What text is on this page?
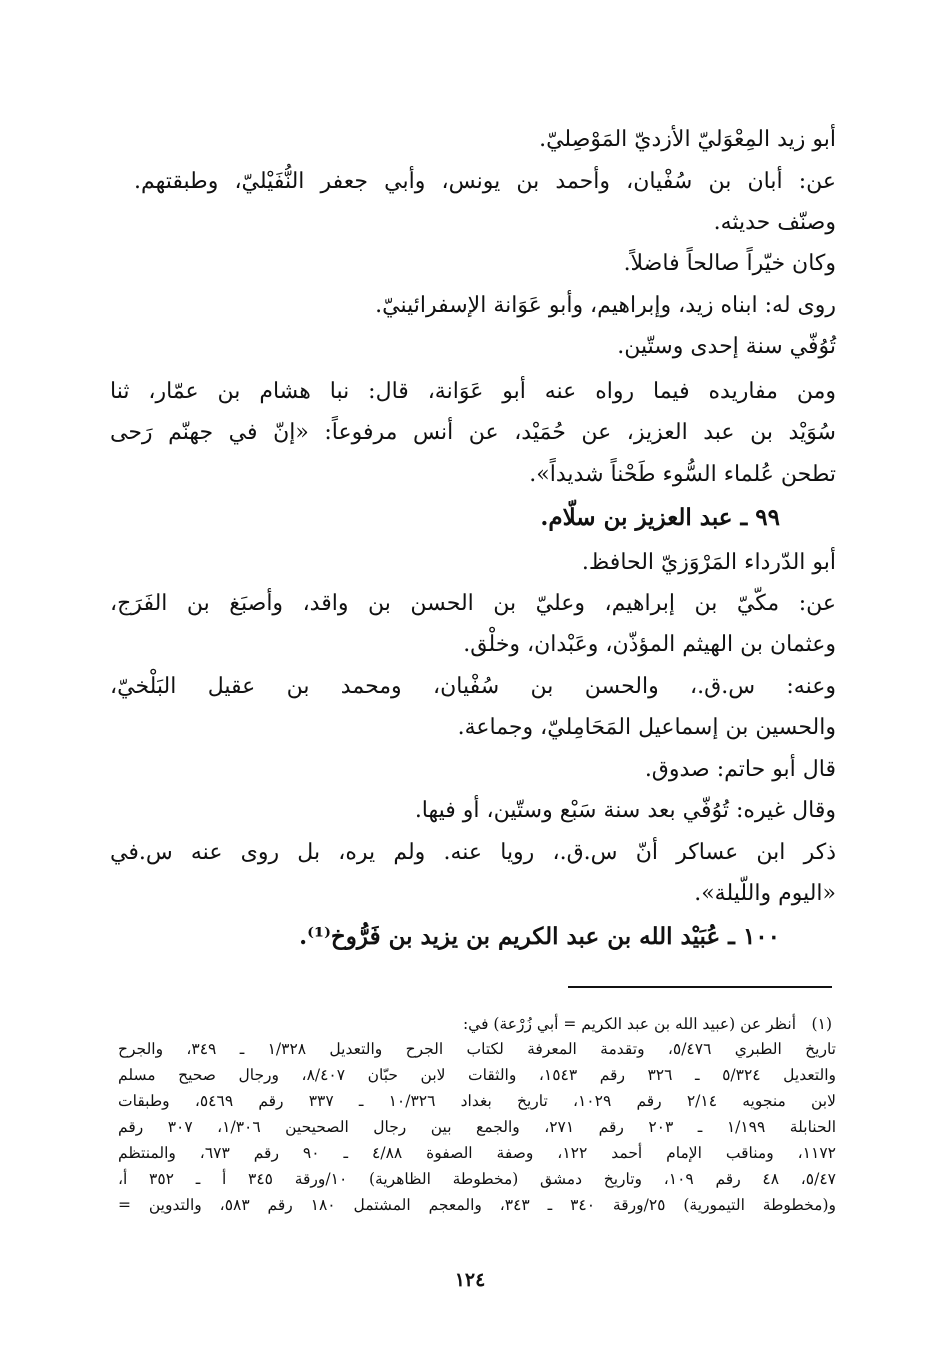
أبو زيد المِعْوَليّ الأزديّ المَوْصِليّ.
عن: أبان بن سُفْيان، وأحمد بن يونس، وأبي جعفر النُّفَيْليّ، وطبقتهم.
وصنّف حديثه.
وكان خيّراً صالحاً فاضلاً.
روى له: ابناه زيد، وإبراهيم، وأبو عَوَانة الإسفرائينيّ.
تُوُفّي سنة إحدى وستّين.
ومن مفاريده فيما رواه عنه أبو عَوَانة، قال: نبا هشام بن عمّار، ثنا
سُوَيْد بن عبد العزيز، عن حُمَيْد، عن أنس مرفوعاً: «إنّ في جهنّم رَحى
تطحن عُلماء السُّوء طَحْناً شديداً».
٩٩ ـ عبد العزيز بن سلّام.
أبو الدّرداء المَرْوَزيّ الحافظ.
عن: مكّيّ بن إبراهيم، وعليّ بن الحسن بن واقد، وأصبَغ بن الفَرَج،
وعثمان بن الهيثم المؤذّن، وعَبْدان، وخلْق.
وعنه: س.ق.، والحسن بن سُفْيان، ومحمد بن عقيل البَلْخيّ،
والحسين بن إسماعيل المَحَامِليّ، وجماعة.
قال أبو حاتم: صدوق.
وقال غيره: تُوُفّي بعد سنة سَبْع وستّين، أو فيها.
ذكر ابن عساكر أنّ س.ق.، رويا عنه. ولم يره، بل روى عنه س.في
«اليوم واللّيلة».
١٠٠ ـ عُبَيْد الله بن عبد الكريم بن يزيد بن فَرُّوخ⁽¹⁾.
(١)
أنظر عن (عبيد الله بن عبد الكريم = أبي زُرْعة) في:
تاريخ الطبري ٥/٤٧٦، وتقدمة المعرفة لكتاب الجرح والتعديل ١/٣٢٨ ـ ٣٤٩، والجرح
والتعديل ٥/٣٢٤ ـ ٣٢٦ رقم ١٥٤٣، والثقات لابن حبّان ٨/٤٠٧، ورجال صحيح مسلم
لابن منجويه ٢/١٤ رقم ١٠٢٩، تاريخ بغداد ١٠/٣٢٦ ـ ٣٣٧ رقم ٥٤٦٩، وطبقات
الحنابلة ١/١٩٩ ـ ٢٠٣ رقم ٢٧١، والجمع بين رجال الصحيحين ١/٣٠٦، ٣٠٧ رقم
١١٧٢، ومناقب الإمام أحمد ١٢٢، وصفة الصفوة ٤/٨٨ ـ ٩٠ رقم ٦٧٣، والمنتظم
٥/٤٧، ٤٨ رقم ١٠٩، وتاريخ دمشق (مخطوطة الظاهرية) ١٠/ورقة ٣٤٥ أ ـ ٣٥٢ أ،
و(مخطوطة التيمورية) ٢٥/ورقة ٣٤٠ ـ ٣٤٣، والمعجم المشتمل ١٨٠ رقم ٥٨٣، والتدوين =
١٢٤
